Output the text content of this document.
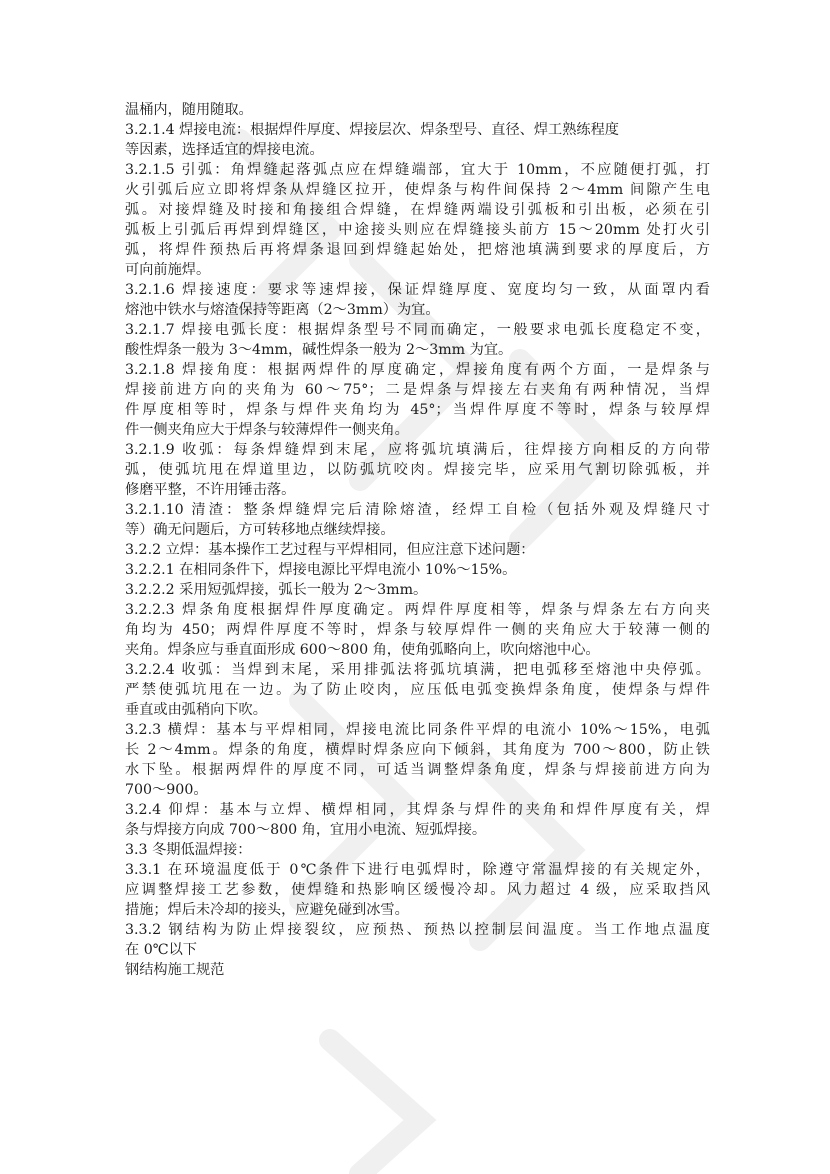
温桶内，随用随取。
3.2.1.4 焊接电流：根据焊件厚度、焊接层次、焊条型号、直径、焊工熟练程度
等因素，选择适宜的焊接电流。
3.2.1.5 引弧：角焊缝起落弧点应在焊缝端部，宜大于 10mm，不应随便打弧，打
火引弧后应立即将焊条从焊缝区拉开，使焊条与构件间保持 2～4mm 间隙产生电
弧。对接焊缝及时接和角接组合焊缝，在焊缝两端设引弧板和引出板，必须在引
弧板上引弧后再焊到焊缝区，中途接头则应在焊缝接头前方 15～20mm 处打火引
弧，将焊件预热后再将焊条退回到焊缝起始处，把熔池填满到要求的厚度后，方
可向前施焊。
3.2.1.6 焊接速度：要求等速焊接，保证焊缝厚度、宽度均匀一致，从面罩内看
熔池中铁水与熔渣保持等距离（2～3mm）为宜。
3.2.1.7 焊接电弧长度：根据焊条型号不同而确定，一般要求电弧长度稳定不变，
酸性焊条一般为 3～4mm，碱性焊条一般为 2～3mm 为宜。
3.2.1.8 焊接角度：根据两焊件的厚度确定，焊接角度有两个方面，一是焊条与
焊接前进方向的夹角为 60～75°；二是焊条与焊接左右夹角有两种情况，当焊
件厚度相等时，焊条与焊件夹角均为 45°；当焊件厚度不等时，焊条与较厚焊
件一侧夹角应大于焊条与较薄焊件一侧夹角。
3.2.1.9 收弧：每条焊缝焊到末尾，应将弧坑填满后，往焊接方向相反的方向带
弧，使弧坑甩在焊道里边，以防弧坑咬肉。焊接完毕，应采用气割切除弧板，并
修磨平整，不许用锤击落。
3.2.1.10 清渣：整条焊缝焊完后清除熔渣，经焊工自检（包括外观及焊缝尺寸
等）确无问题后，方可转移地点继续焊接。
3.2.2 立焊：基本操作工艺过程与平焊相同，但应注意下述问题：
3.2.2.1 在相同条件下，焊接电源比平焊电流小 10%～15%。
3.2.2.2 采用短弧焊接，弧长一般为 2～3mm。
3.2.2.3 焊条角度根据焊件厚度确定。两焊件厚度相等，焊条与焊条左右方向夹
角均为 450；两焊件厚度不等时，焊条与较厚焊件一侧的夹角应大于较薄一侧的
夹角。焊条应与垂直面形成 600～800 角，使角弧略向上，吹向熔池中心。
3.2.2.4 收弧：当焊到末尾，采用排弧法将弧坑填满，把电弧移至熔池中央停弧。
严禁使弧坑甩在一边。为了防止咬肉，应压低电弧变换焊条角度，使焊条与焊件
垂直或由弧稍向下吹。
3.2.3 横焊：基本与平焊相同，焊接电流比同条件平焊的电流小 10%～15%，电弧
长 2～4mm。焊条的角度，横焊时焊条应向下倾斜，其角度为 700～800，防止铁
水下坠。根据两焊件的厚度不同，可适当调整焊条角度，焊条与焊接前进方向为
700～900。
3.2.4 仰焊：基本与立焊、横焊相同，其焊条与焊件的夹角和焊件厚度有关，焊
条与焊接方向成 700～800 角，宜用小电流、短弧焊接。
3.3 冬期低温焊接：
3.3.1 在环境温度低于 0℃条件下进行电弧焊时，除遵守常温焊接的有关规定外，
应调整焊接工艺参数，使焊缝和热影响区缓慢冷却。风力超过 4 级，应采取挡风
措施；焊后未冷却的接头，应避免碰到冰雪。
3.3.2 钢结构为防止焊接裂纹，应预热、预热以控制层间温度。当工作地点温度
在 0℃以下
钢结构施工规范
